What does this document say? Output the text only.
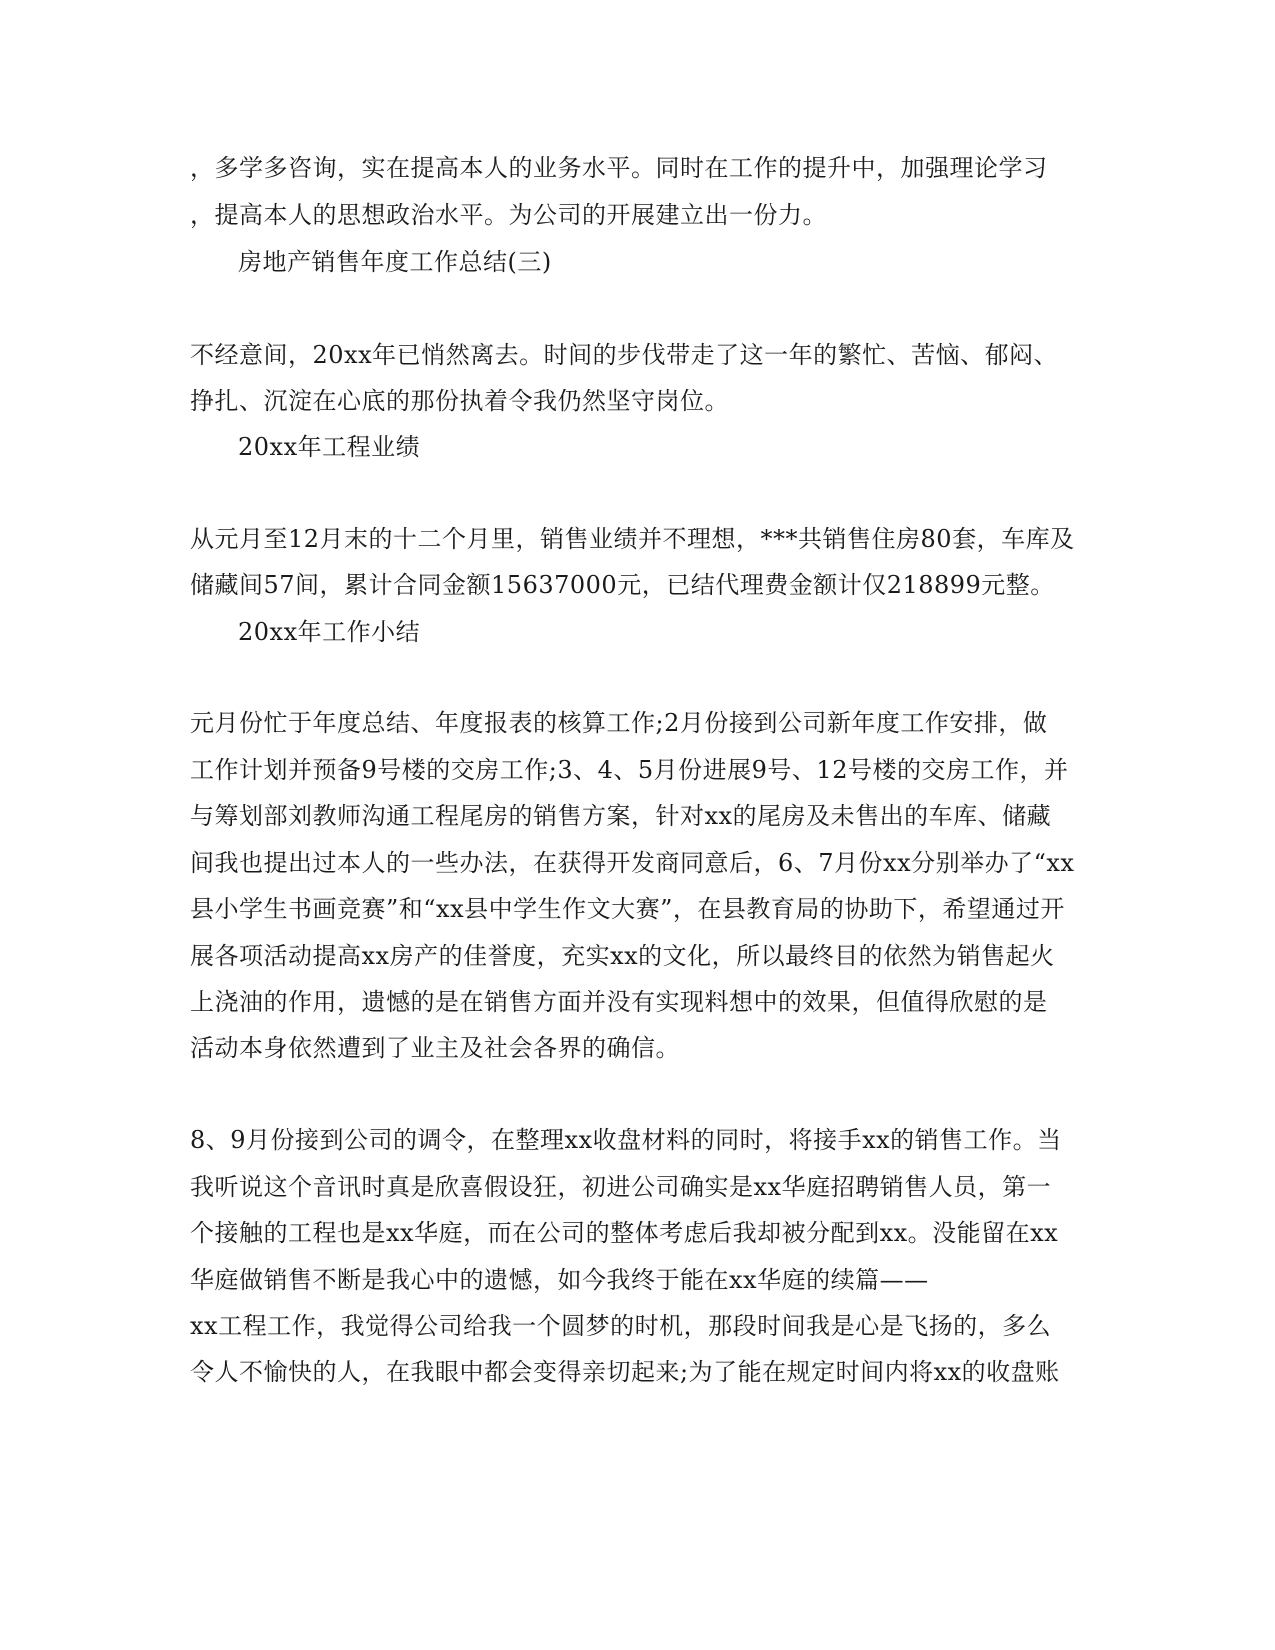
，多学多咨询，实在提高本人的业务水平。同时在工作的提升中，加强理论学习
，提高本人的思想政治水平。为公司的开展建立出一份力。
房地产销售年度工作总结(三)
不经意间，20xx年已悄然离去。时间的步伐带走了这一年的繁忙、苦恼、郁闷、
挣扎、沉淀在心底的那份执着令我仍然坚守岗位。
20xx年工程业绩
从元月至12月末的十二个月里，销售业绩并不理想，***共销售住房80套，车库及
储藏间57间，累计合同金额15637000元，已结代理费金额计仅218899元整。
20xx年工作小结
元月份忙于年度总结、年度报表的核算工作;2月份接到公司新年度工作安排，做
工作计划并预备9号楼的交房工作;3、4、5月份进展9号、12号楼的交房工作，并
与筹划部刘教师沟通工程尾房的销售方案，针对xx的尾房及未售出的车库、储藏
间我也提出过本人的一些办法，在获得开发商同意后，6、7月份xx分别举办了“xx
县小学生书画竞赛”和“xx县中学生作文大赛”，在县教育局的协助下，希望通过开
展各项活动提高xx房产的佳誉度，充实xx的文化，所以最终目的依然为销售起火
上浇油的作用，遗憾的是在销售方面并没有实现料想中的效果，但值得欣慰的是
活动本身依然遭到了业主及社会各界的确信。
8、9月份接到公司的调令，在整理xx收盘材料的同时，将接手xx的销售工作。当
我听说这个音讯时真是欣喜假设狂，初进公司确实是xx华庭招聘销售人员，第一
个接触的工程也是xx华庭，而在公司的整体考虑后我却被分配到xx。没能留在xx
华庭做销售不断是我心中的遗憾，如今我终于能在xx华庭的续篇——
xx工程工作，我觉得公司给我一个圆梦的时机，那段时间我是心是飞扬的，多么
令人不愉快的人，在我眼中都会变得亲切起来;为了能在规定时间内将xx的收盘账
